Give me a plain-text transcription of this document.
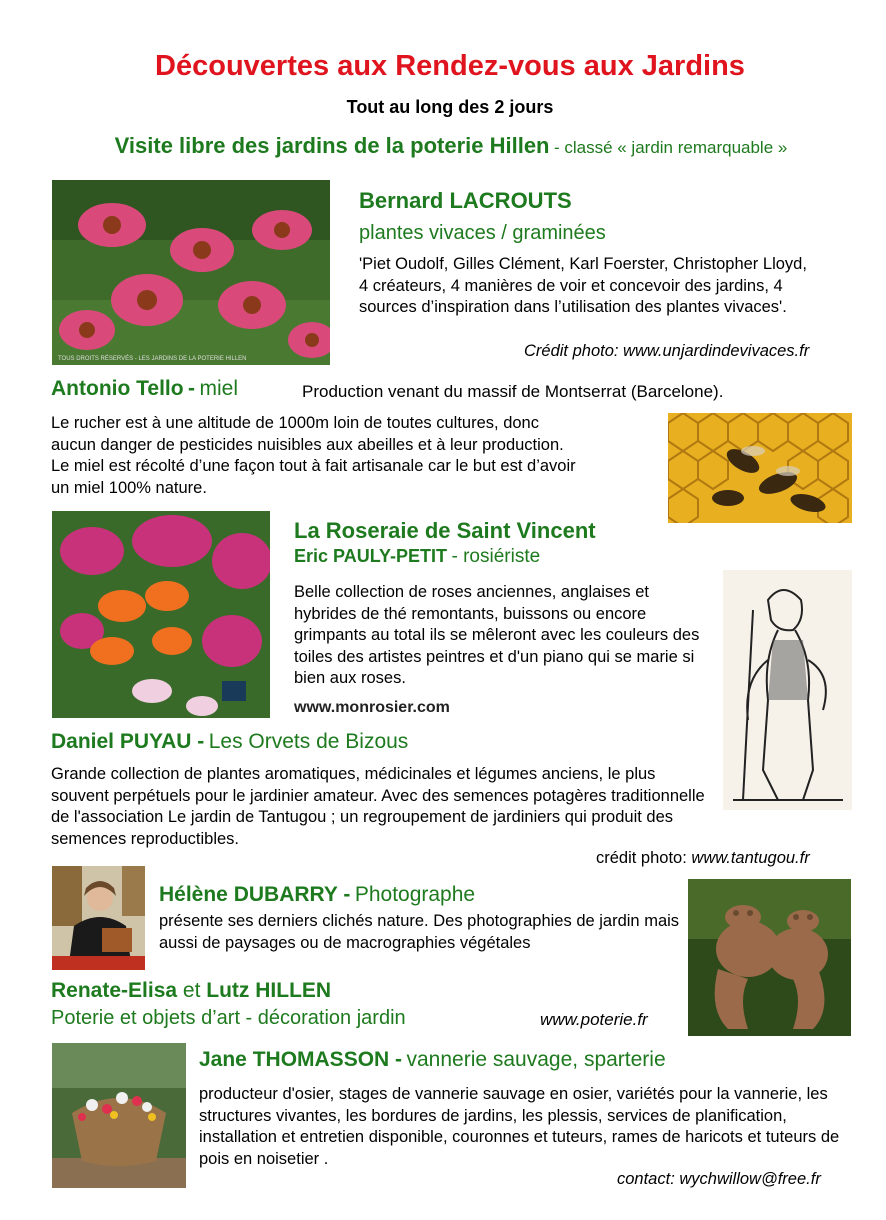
Découvertes aux Rendez-vous aux Jardins
Tout au long des 2 jours
Visite libre des jardins de la poterie Hillen - classé « jardin remarquable »
TOUS DROITS RÉSERVÉS - LES JARDINS DE LA POTERIE HILLEN
Bernard LACROUTS
plantes vivaces / graminées

'Piet Oudolf, Gilles Clément, Karl Foerster, Christopher Lloyd, 4 créateurs, 4 manières de voir et concevoir des jardins, 4 sources d’inspiration dans l’utilisation des plantes vivaces'.

Crédit photo: www.unjardindevivaces.fr
Antonio Tello - miel	Production venant du massif de Montserrat (Barcelone).

Le rucher est à une altitude de 1000m loin de toutes cultures, donc aucun danger de pesticides nuisibles aux abeilles et à leur production. Le miel est récolté d’une façon tout à fait artisanale car le but est d’avoir un miel 100% nature.

La Roseraie de Saint Vincent
Eric PAULY-PETIT - rosiériste

Belle collection de roses anciennes, anglaises et hybrides de thé remontants, buissons ou encore grimpants au total ils se mêleront avec les couleurs des toiles des artistes peintres et d'un piano qui se marie si bien aux roses.

www.monrosier.com
Daniel PUYAU - Les Orvets de Bizous

Grande collection de plantes aromatiques, médicinales et légumes anciens, le plus souvent perpétuels pour le jardinier amateur. Avec des semences potagères traditionnelle de l'association Le jardin de Tantugou ; un regroupement de jardiniers qui produit des semences reproductibles.

crédit photo: www.tantugou.fr
Hélène DUBARRY - Photographe

présente ses derniers clichés nature. Des photographies de jardin mais aussi de paysages ou de macrographies végétales

Renate-Elisa et Lutz HILLEN
Poterie et objets d’art - décoration jardin	www.poterie.fr
Jane THOMASSON - vannerie sauvage, sparterie

producteur d'osier, stages de vannerie sauvage en osier, variétés pour la vannerie, les structures vivantes, les bordures de jardins, les plessis, services de planification, installation et entretien disponible, couronnes et tuteurs, rames de haricots et tuteurs de pois en noisetier .

contact: wychwillow@free.fr
